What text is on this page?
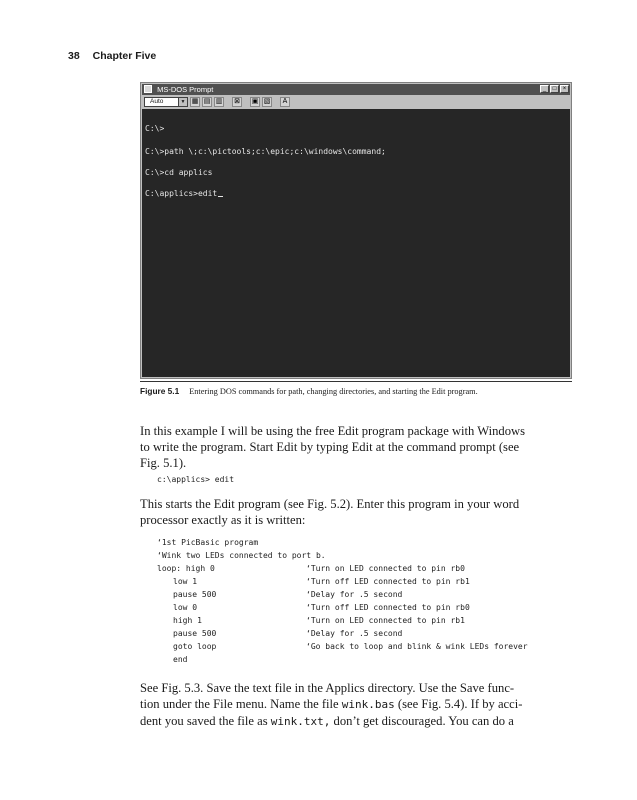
38 Chapter Five
MS-DOS Prompt	_	□	×
Auto	▼ ▦ ▤ ▥ ⊠ ▣ ▧	A
C:\>
C:\>path \;c:\pictools;c:\epic;c:\windows\command;
C:\>cd applics
C:\applics>edit
Figure 5.1 Entering DOS commands for path, changing directories, and starting the Edit program.
In this example I will be using the free Edit program package with Windows
to write the program. Start Edit by typing Edit at the command prompt (see
Fig. 5.1).
c:\applics> edit
This starts the Edit program (see Fig. 5.2). Enter this program in your word
processor exactly as it is written:
‘1st PicBasic program
‘Wink two LEDs connected to port b.
loop: high 0	‘Turn on LED connected to pin rb0
low 1	‘Turn off LED connected to pin rb1
pause 500	‘Delay for .5 second
low 0	‘Turn off LED connected to pin rb0
high 1	‘Turn on LED connected to pin rb1
pause 500	‘Delay for .5 second
goto loop	‘Go back to loop and blink & wink LEDs forever
end
See Fig. 5.3. Save the text file in the Applics directory. Use the Save func-
tion under the File menu. Name the file wink.bas (see Fig. 5.4). If by acci-
dent you saved the file as wink.txt, don’t get discouraged. You can do a
